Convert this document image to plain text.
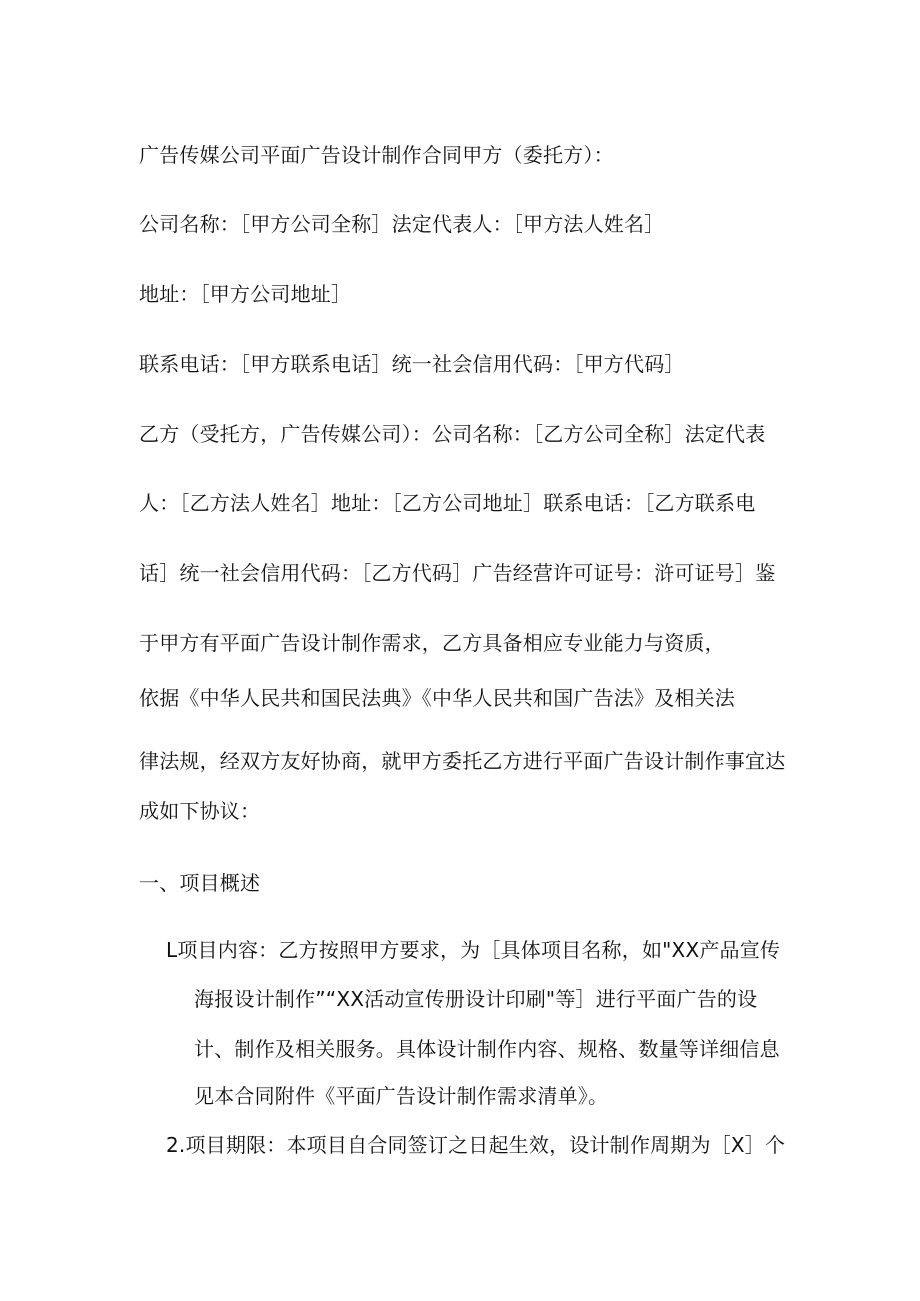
广告传媒公司平面广告设计制作合同甲方（委托方）：
公司名称：［甲方公司全称］法定代表人：［甲方法人姓名］
地址：［甲方公司地址］
联系电话：［甲方联系电话］统一社会信用代码：［甲方代码］
乙方（受托方，广告传媒公司）：公司名称：［乙方公司全称］法定代表
人：［乙方法人姓名］地址：［乙方公司地址］联系电话：［乙方联系电
话］统一社会信用代码：［乙方代码］广告经营许可证号：浒可证号］鉴
于甲方有平面广告设计制作需求，乙方具备相应专业能力与资质，
依据《中华人民共和国民法典》《中华人民共和国广告法》及相关法
律法规，经双方友好协商，就甲方委托乙方进行平面广告设计制作事宜达
成如下协议：
一、项目概述
L项目内容：乙方按照甲方要求，为［具体项目名称，如"XX产品宣传
海报设计制作”“XX活动宣传册设计印刷"等］进行平面广告的设
计、制作及相关服务。具体设计制作内容、规格、数量等详细信息
见本合同附件《平面广告设计制作需求清单》。
2.项目期限：本项目自合同签订之日起生效，设计制作周期为［X］个
